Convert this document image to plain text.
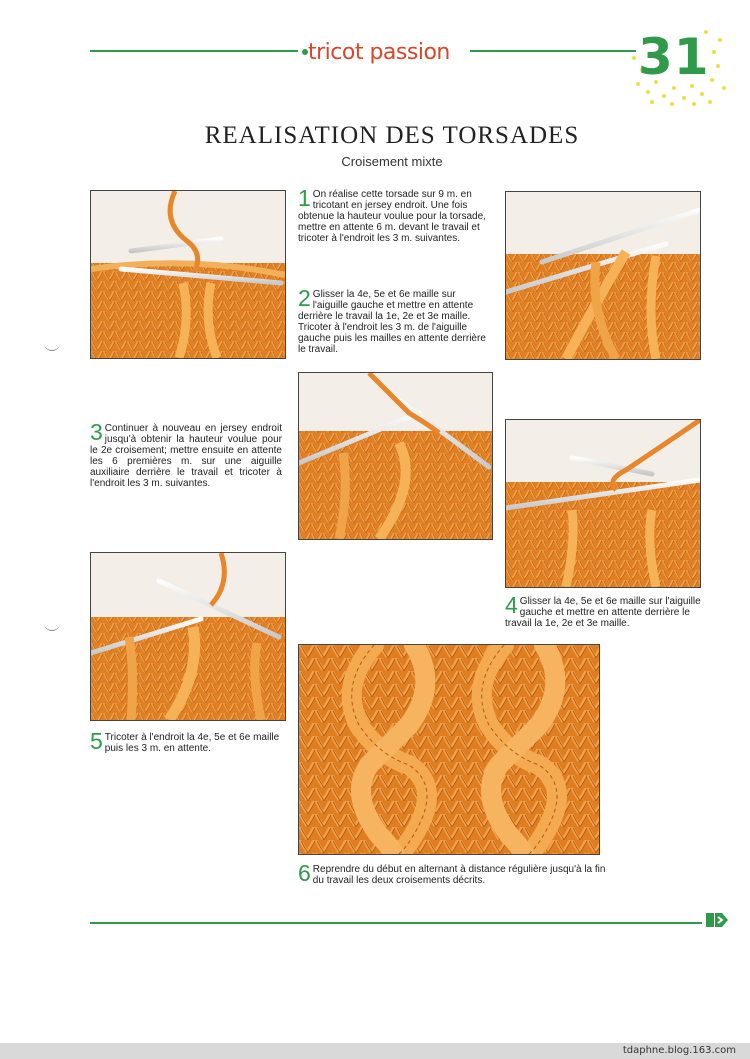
tricot passion	31
REALISATION DES TORSADES
Croisement mixte
1 On réalise cette torsade sur 9 m. en tricotant en jersey endroit. Une fois obtenue la hauteur voulue pour la torsade, mettre en attente 6 m. devant le travail et tricoter à l'endroit les 3 m. suivantes.
2 Glisser la 4e, 5e et 6e maille sur l'aiguille gauche et mettre en attente derrière le travail la 1e, 2e et 3e maille. Tricoter à l'endroit les 3 m. de l'aiguille gauche puis les mailles en attente derrière le travail.
3 Continuer à nouveau en jersey endroit jusqu'à obtenir la hauteur voulue pour le 2e croisement; mettre ensuite en attente les 6 premières m. sur une aiguille auxiliaire derrière le travail et tricoter à l'endroit les 3 m. suivantes.
4 Glisser la 4e, 5e et 6e maille sur l'aiguille gauche et mettre en attente derrière le travail la 1e, 2e et 3e maille.
5 Tricoter à l'endroit la 4e, 5e et 6e maille puis les 3 m. en attente.
6 Reprendre du début en alternant à distance régulière jusqu'à la fin du travail les deux croisements décrits.
tdaphne.blog.163.com
